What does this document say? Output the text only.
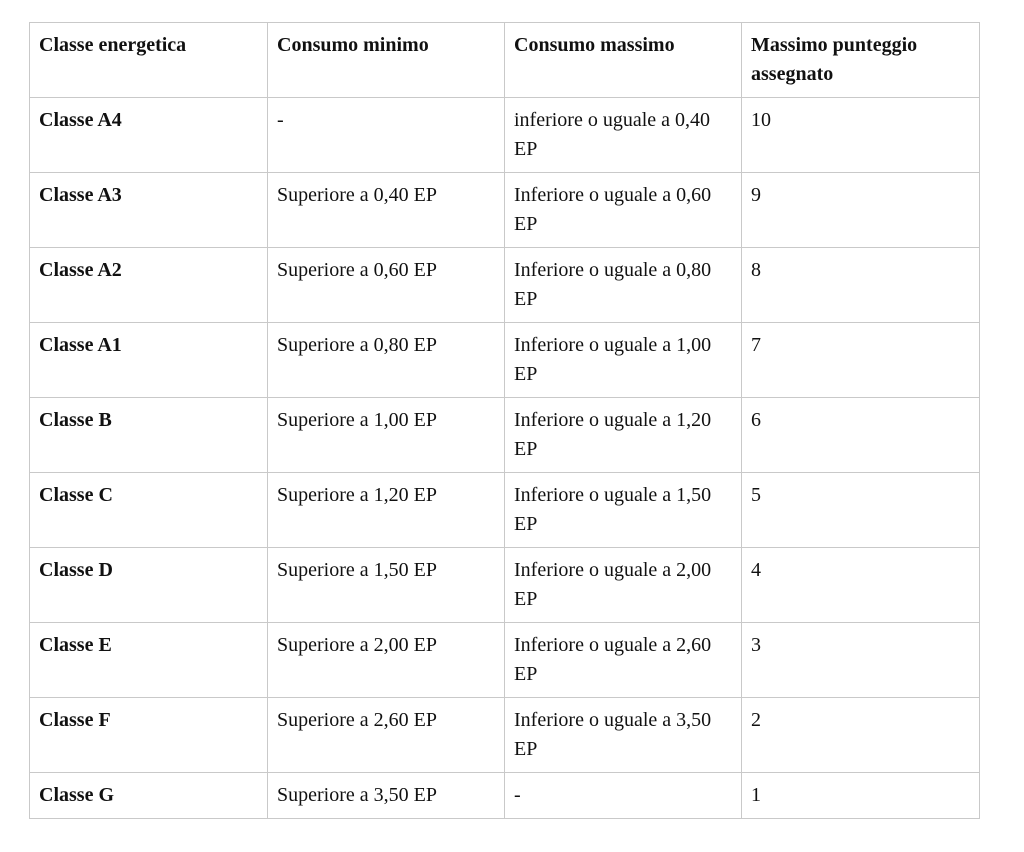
Classe energetica	Consumo minimo	Consumo massimo	Massimo punteggio assegnato
Classe A4	-	inferiore o uguale a 0,40 EP	10
Classe A3	Superiore a 0,40 EP	Inferiore o uguale a 0,60 EP	9
Classe A2	Superiore a 0,60 EP	Inferiore o uguale a 0,80 EP	8
Classe A1	Superiore a 0,80 EP	Inferiore o uguale a 1,00 EP	7
Classe B	Superiore a 1,00 EP	Inferiore o uguale a 1,20 EP	6
Classe C	Superiore a 1,20 EP	Inferiore o uguale a 1,50 EP	5
Classe D	Superiore a 1,50 EP	Inferiore o uguale a 2,00 EP	4
Classe E	Superiore a 2,00 EP	Inferiore o uguale a 2,60 EP	3
Classe F	Superiore a 2,60 EP	Inferiore o uguale a 3,50 EP	2
Classe G	Superiore a 3,50 EP	-	1
